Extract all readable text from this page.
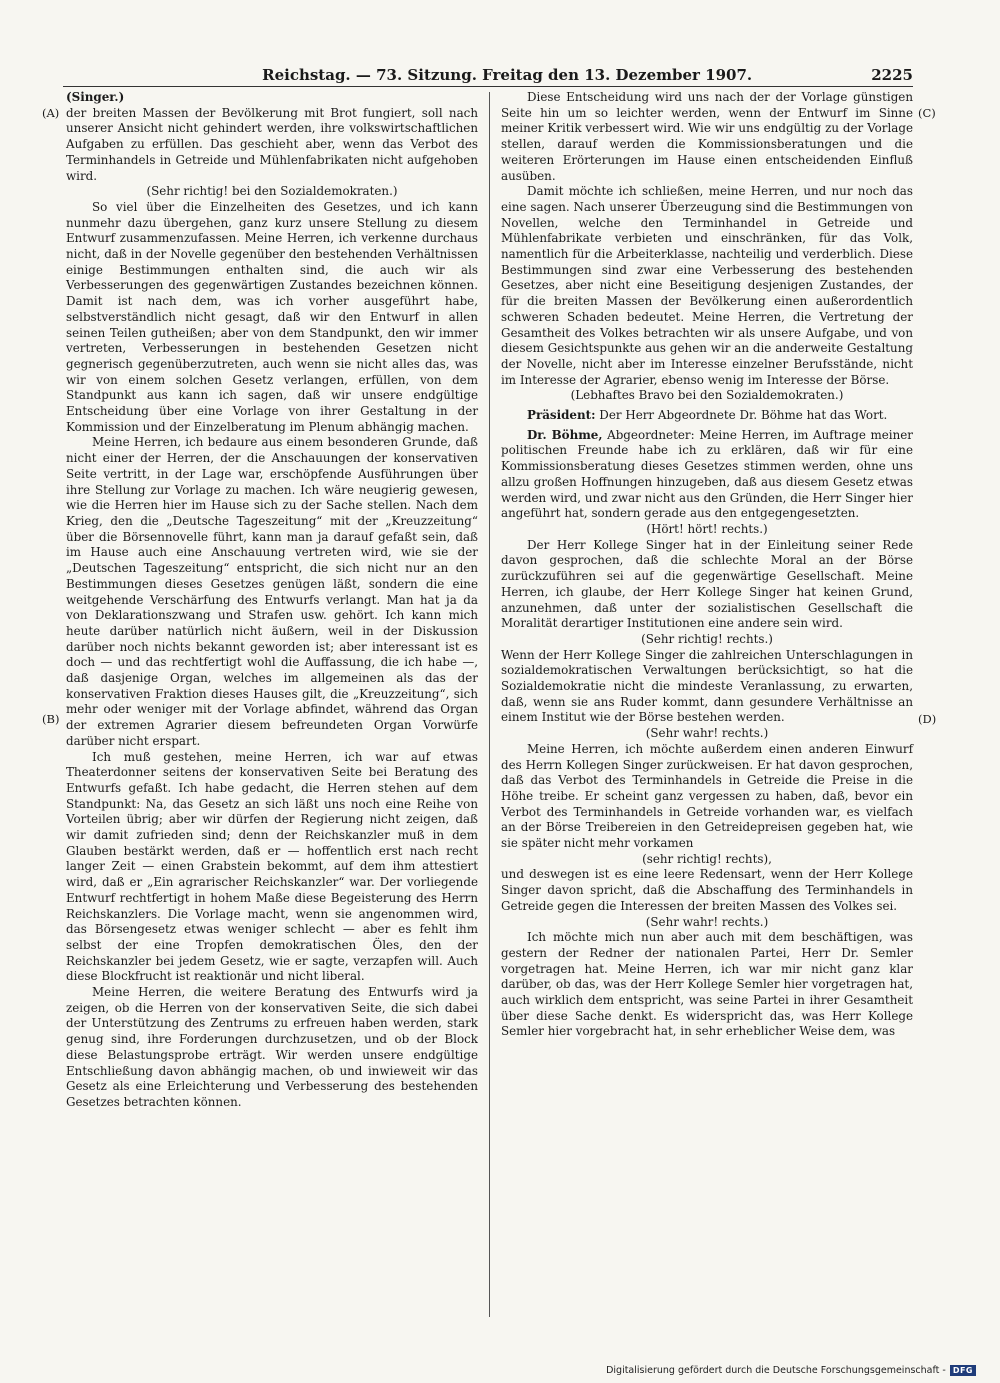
Reichstag. — 73. Sitzung. Freitag den 13. Dezember 1907.	2225
(A)
(B)
(C)
(D)

(Singer.)

der breiten Massen der Bevölkerung mit Brot fungiert, soll nach unserer Ansicht nicht gehindert werden, ihre volkswirtschaftlichen Aufgaben zu erfüllen. Das geschieht aber, wenn das Verbot des Terminhandels in Getreide und Mühlenfabrikaten nicht aufgehoben wird.

(Sehr richtig! bei den Sozialdemokraten.)

So viel über die Einzelheiten des Gesetzes, und ich kann nunmehr dazu übergehen, ganz kurz unsere Stellung zu diesem Entwurf zusammenzufassen. Meine Herren, ich verkenne durchaus nicht, daß in der Novelle gegenüber den bestehenden Verhältnissen einige Bestimmungen enthalten sind, die auch wir als Verbesserungen des gegenwärtigen Zustandes bezeichnen können. Damit ist nach dem, was ich vorher ausgeführt habe, selbstverständlich nicht gesagt, daß wir den Entwurf in allen seinen Teilen gutheißen; aber von dem Standpunkt, den wir immer vertreten, Verbesserungen in bestehenden Gesetzen nicht gegnerisch gegenüberzutreten, auch wenn sie nicht alles das, was wir von einem solchen Gesetz verlangen, erfüllen, von dem Standpunkt aus kann ich sagen, daß wir unsere endgültige Entscheidung über eine Vorlage von ihrer Gestaltung in der Kommission und der Einzelberatung im Plenum abhängig machen.

Meine Herren, ich bedaure aus einem besonderen Grunde, daß nicht einer der Herren, der die Anschauungen der konservativen Seite vertritt, in der Lage war, erschöpfende Ausführungen über ihre Stellung zur Vorlage zu machen. Ich wäre neugierig gewesen, wie die Herren hier im Hause sich zu der Sache stellen. Nach dem Krieg, den die „Deutsche Tageszeitung“ mit der „Kreuzzeitung“ über die Börsennovelle führt, kann man ja darauf gefaßt sein, daß im Hause auch eine Anschauung vertreten wird, wie sie der „Deutschen Tageszeitung“ entspricht, die sich nicht nur an den Bestimmungen dieses Gesetzes genügen läßt, sondern die eine weitgehende Verschärfung des Entwurfs verlangt. Man hat ja da von Deklarationszwang und Strafen usw. gehört. Ich kann mich heute darüber natürlich nicht äußern, weil in der Diskussion darüber noch nichts bekannt geworden ist; aber interessant ist es doch — und das rechtfertigt wohl die Auffassung, die ich habe —, daß dasjenige Organ, welches im allgemeinen als das der konservativen Fraktion dieses Hauses gilt, die „Kreuzzeitung“, sich mehr oder weniger mit der Vorlage abfindet, während das Organ der extremen Agrarier diesem befreundeten Organ Vorwürfe darüber nicht erspart.

Ich muß gestehen, meine Herren, ich war auf etwas Theaterdonner seitens der konservativen Seite bei Beratung des Entwurfs gefaßt. Ich habe gedacht, die Herren stehen auf dem Standpunkt: Na, das Gesetz an sich läßt uns noch eine Reihe von Vorteilen übrig; aber wir dürfen der Regierung nicht zeigen, daß wir damit zufrieden sind; denn der Reichskanzler muß in dem Glauben bestärkt werden, daß er — hoffentlich erst nach recht langer Zeit — einen Grabstein bekommt, auf dem ihm attestiert wird, daß er „Ein agrarischer Reichskanzler“ war. Der vorliegende Entwurf rechtfertigt in hohem Maße diese Begeisterung des Herrn Reichskanzlers. Die Vorlage macht, wenn sie angenommen wird, das Börsengesetz etwas weniger schlecht — aber es fehlt ihm selbst der eine Tropfen demokratischen Öles, den der Reichskanzler bei jedem Gesetz, wie er sagte, verzapfen will. Auch diese Blockfrucht ist reaktionär und nicht liberal.

Meine Herren, die weitere Beratung des Entwurfs wird ja zeigen, ob die Herren von der konservativen Seite, die sich dabei der Unterstützung des Zentrums zu erfreuen haben werden, stark genug sind, ihre Forderungen durchzusetzen, und ob der Block diese Belastungsprobe erträgt. Wir werden unsere endgültige Entschließung davon abhängig machen, ob und inwieweit wir das Gesetz als eine Erleichterung und Verbesserung des bestehenden Gesetzes betrachten können.

Diese Entscheidung wird uns nach der der Vorlage günstigen Seite hin um so leichter werden, wenn der Entwurf im Sinne meiner Kritik verbessert wird. Wie wir uns endgültig zu der Vorlage stellen, darauf werden die Kommissionsberatungen und die weiteren Erörterungen im Hause einen entscheidenden Einfluß ausüben.

Damit möchte ich schließen, meine Herren, und nur noch das eine sagen. Nach unserer Überzeugung sind die Bestimmungen von Novellen, welche den Terminhandel in Getreide und Mühlenfabrikate verbieten und einschränken, für das Volk, namentlich für die Arbeiterklasse, nachteilig und verderblich. Diese Bestimmungen sind zwar eine Verbesserung des bestehenden Gesetzes, aber nicht eine Beseitigung desjenigen Zustandes, der für die breiten Massen der Bevölkerung einen außerordentlich schweren Schaden bedeutet. Meine Herren, die Vertretung der Gesamtheit des Volkes betrachten wir als unsere Aufgabe, und von diesem Gesichtspunkte aus gehen wir an die anderweite Gestaltung der Novelle, nicht aber im Interesse einzelner Berufsstände, nicht im Interesse der Agrarier, ebenso wenig im Interesse der Börse.

(Lebhaftes Bravo bei den Sozialdemokraten.)

Präsident: Der Herr Abgeordnete Dr. Böhme hat das Wort.

Dr. Böhme, Abgeordneter: Meine Herren, im Auftrage meiner politischen Freunde habe ich zu erklären, daß wir für eine Kommissionsberatung dieses Gesetzes stimmen werden, ohne uns allzu großen Hoffnungen hinzugeben, daß aus diesem Gesetz etwas werden wird, und zwar nicht aus den Gründen, die Herr Singer hier angeführt hat, sondern gerade aus den entgegengesetzten.

(Hört! hört! rechts.)

Der Herr Kollege Singer hat in der Einleitung seiner Rede davon gesprochen, daß die schlechte Moral an der Börse zurückzuführen sei auf die gegenwärtige Gesellschaft. Meine Herren, ich glaube, der Herr Kollege Singer hat keinen Grund, anzunehmen, daß unter der sozialistischen Gesellschaft die Moralität derartiger Institutionen eine andere sein wird.

(Sehr richtig! rechts.)

Wenn der Herr Kollege Singer die zahlreichen Unterschlagungen in sozialdemokratischen Verwaltungen berücksichtigt, so hat die Sozialdemokratie nicht die mindeste Veranlassung, zu erwarten, daß, wenn sie ans Ruder kommt, dann gesundere Verhältnisse an einem Institut wie der Börse bestehen werden.

(Sehr wahr! rechts.)

Meine Herren, ich möchte außerdem einen anderen Einwurf des Herrn Kollegen Singer zurückweisen. Er hat davon gesprochen, daß das Verbot des Terminhandels in Getreide die Preise in die Höhe treibe. Er scheint ganz vergessen zu haben, daß, bevor ein Verbot des Terminhandels in Getreide vorhanden war, es vielfach an der Börse Treibereien in den Getreidepreisen gegeben hat, wie sie später nicht mehr vorkamen

(sehr richtig! rechts),

und deswegen ist es eine leere Redensart, wenn der Herr Kollege Singer davon spricht, daß die Abschaffung des Terminhandels in Getreide gegen die Interessen der breiten Massen des Volkes sei.

(Sehr wahr! rechts.)

Ich möchte mich nun aber auch mit dem beschäftigen, was gestern der Redner der nationalen Partei, Herr Dr. Semler vorgetragen hat. Meine Herren, ich war mir nicht ganz klar darüber, ob das, was der Herr Kollege Semler hier vorgetragen hat, auch wirklich dem entspricht, was seine Partei in ihrer Gesamtheit über diese Sache denkt. Es widerspricht das, was Herr Kollege Semler hier vorgebracht hat, in sehr erheblicher Weise dem, was

Digitalisierung gefördert durch die Deutsche Forschungsgemeinschaft - DFG
